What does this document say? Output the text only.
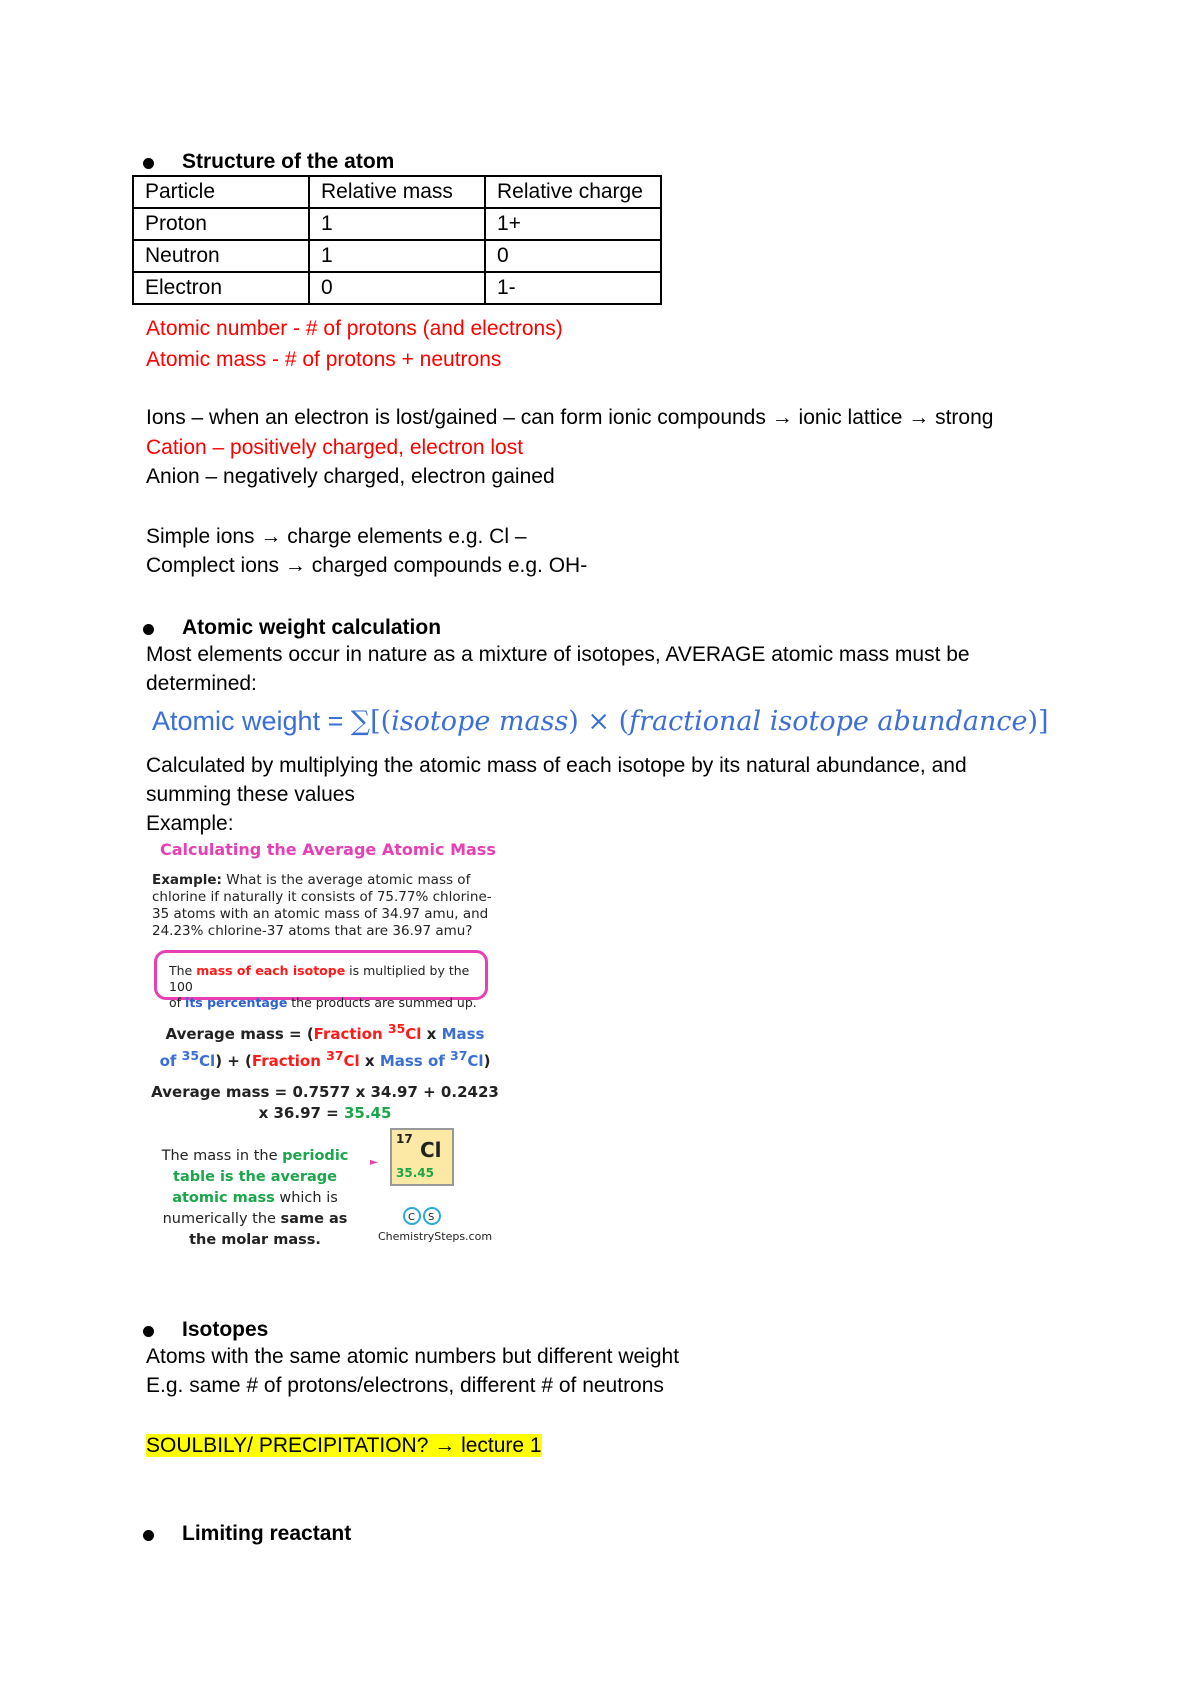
Structure of the atom
Particle	Relative mass	Relative charge
Proton	1	1+
Neutron	1	0
Electron	0	1-
Atomic number - # of protons (and electrons)
Atomic mass - # of protons + neutrons
Ions – when an electron is lost/gained – can form ionic compounds → ionic lattice → strong
Cation – positively charged, electron lost
Anion – negatively charged, electron gained
Simple ions → charge elements e.g. Cl –
Complect ions → charged compounds e.g. OH-
Atomic weight calculation
Most elements occur in nature as a mixture of isotopes, AVERAGE atomic mass must be
determined:
Atomic weight = ∑[(isotope mass) × (fractional isotope abundance)]
Calculated by multiplying the atomic mass of each isotope by its natural abundance, and
summing these values
Example:
Calculating the Average Atomic Mass
Example: What is the average atomic mass of chlorine if naturally it consists of 75.77% chlorine-35 atoms with an atomic mass of 34.97 amu, and 24.23% chlorine-37 atoms that are 36.97 amu?
The mass of each isotope is multiplied by the 100
of its percentage the products are summed up.
Average mass = (Fraction $^{35}$Cl x Mass
of $^{35}$Cl) + (Fraction $^{37}$Cl x Mass of $^{37}$Cl)
Average mass = 0.7577 x 34.97 + 0.2423
x 36.97 = 35.45
The mass in the periodic
table is the average
atomic mass which is
numerically the same as
the molar mass.
►
17 Cl
35.45
C S
ChemistrySteps.com
Isotopes
Atoms with the same atomic numbers but different weight
E.g. same # of protons/electrons, different # of neutrons
SOULBILY/ PRECIPITATION? → lecture 1
Limiting reactant
